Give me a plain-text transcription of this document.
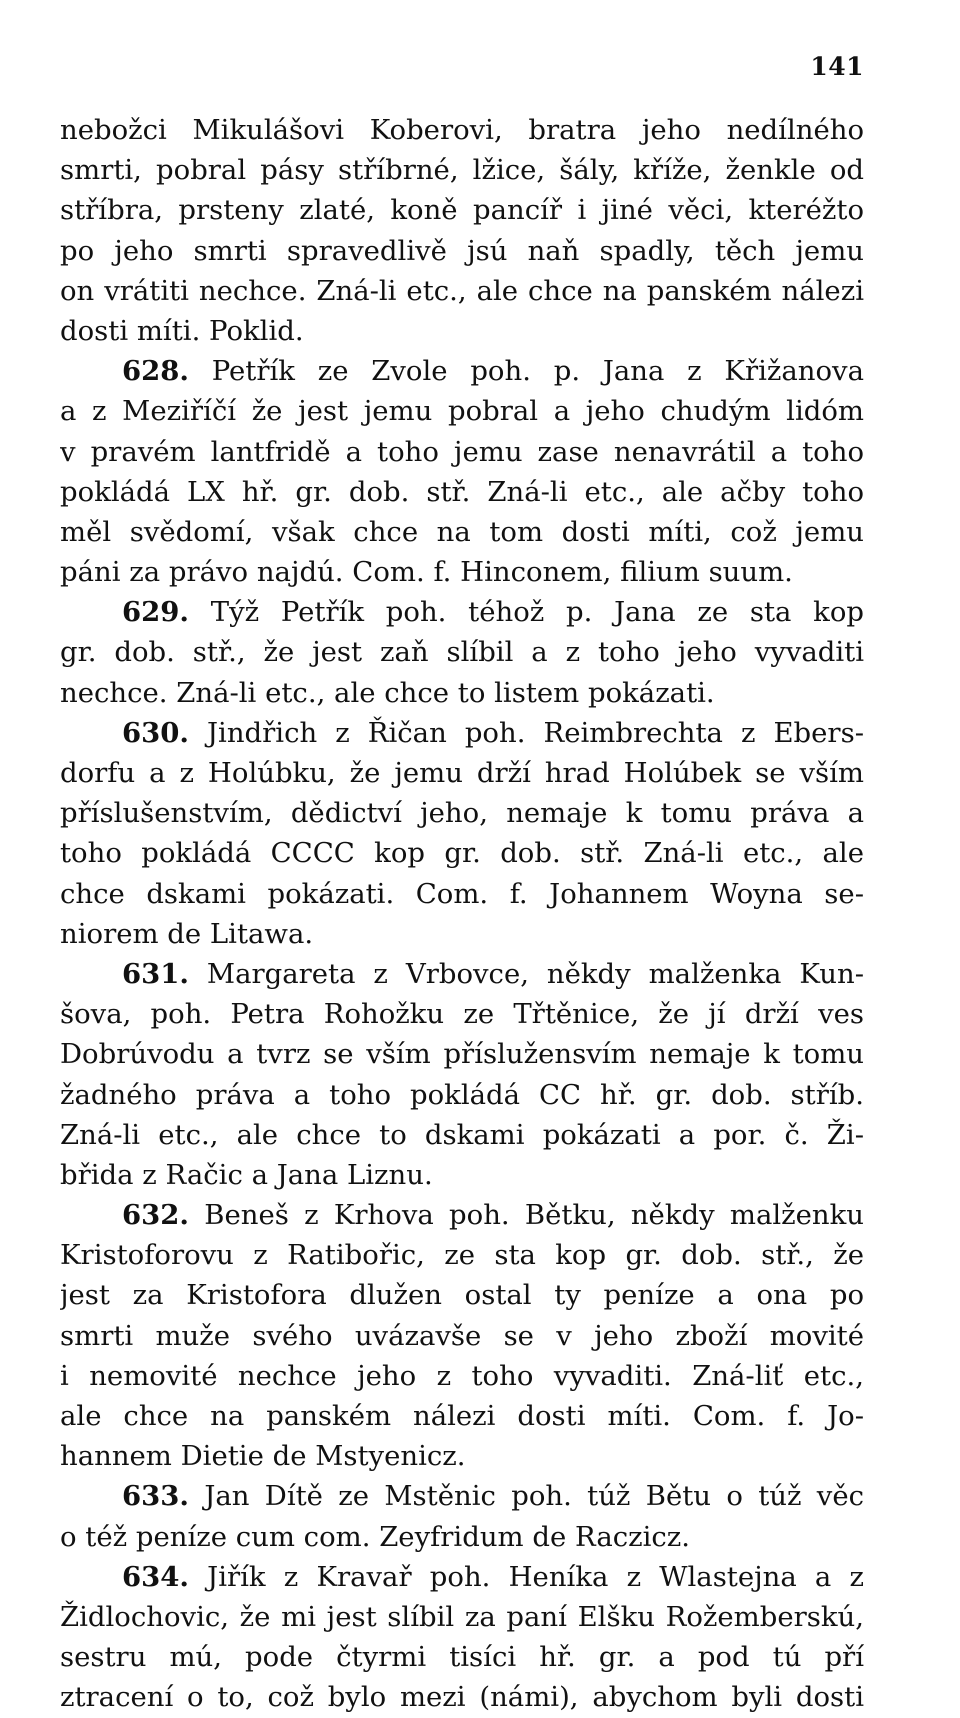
141
nebožci Mikulášovi Koberovi, bratra jeho nedílného
smrti, pobral pásy stříbrné, lžice, šály, kříže, ženkle od
stříbra, prsteny zlaté, koně pancíř i jiné věci, kteréžto
po jeho smrti spravedlivě jsú naň spadly, těch jemu
on vrátiti nechce. Zná-li etc., ale chce na panském nálezi
dosti míti. Poklid.
628. Petřík ze Zvole poh. p. Jana z Křižanova
a z Meziříčí že jest jemu pobral a jeho chudým lidóm
v pravém lantfridě a toho jemu zase nenavrátil a toho
pokládá LX hř. gr. dob. stř. Zná-li etc., ale ačby toho
měl svědomí, však chce na tom dosti míti, což jemu
páni za právo najdú. Com. f. Hinconem, filium suum.
629. Týž Petřík poh. téhož p. Jana ze sta kop
gr. dob. stř., že jest zaň slíbil a z toho jeho vyvaditi
nechce. Zná-li etc., ale chce to listem pokázati.
630. Jindřich z Řičan poh. Reimbrechta z Ebers-
dorfu a z Holúbku, že jemu drží hrad Holúbek se vším
příslušenstvím, dědictví jeho, nemaje k tomu práva a
toho pokládá CCCC kop gr. dob. stř. Zná-li etc., ale
chce dskami pokázati. Com. f. Johannem Woyna se-
niorem de Litawa.
631. Margareta z Vrbovce, někdy malženka Kun-
šova, poh. Petra Rohožku ze Třtěnice, že jí drží ves
Dobrúvodu a tvrz se vším příslužensvím nemaje k tomu
žadného práva a toho pokládá CC hř. gr. dob. stříb.
Zná-li etc., ale chce to dskami pokázati a por. č. Ži-
břida z Račic a Jana Liznu.
632. Beneš z Krhova poh. Bětku, někdy malženku
Kristoforovu z Ratibořic, ze sta kop gr. dob. stř., že
jest za Kristofora dlužen ostal ty peníze a ona po
smrti muže svého uvázavše se v jeho zboží movité
i nemovité nechce jeho z toho vyvaditi. Zná-liť etc.,
ale chce na panském nálezi dosti míti. Com. f. Jo-
hannem Dietie de Mstyenicz.
633. Jan Dítě ze Mstěnic poh. túž Bětu o túž věc
o též peníze cum com. Zeyfridum de Raczicz.
634. Jiřík z Kravař poh. Heníka z Wlastejna a z
Židlochovic, že mi jest slíbil za paní Elšku Rožemberskú,
sestru mú, pode čtyrmi tisíci hř. gr. a pod tú pří
ztracení o to, což bylo mezi (námi), abychom byli dosti
